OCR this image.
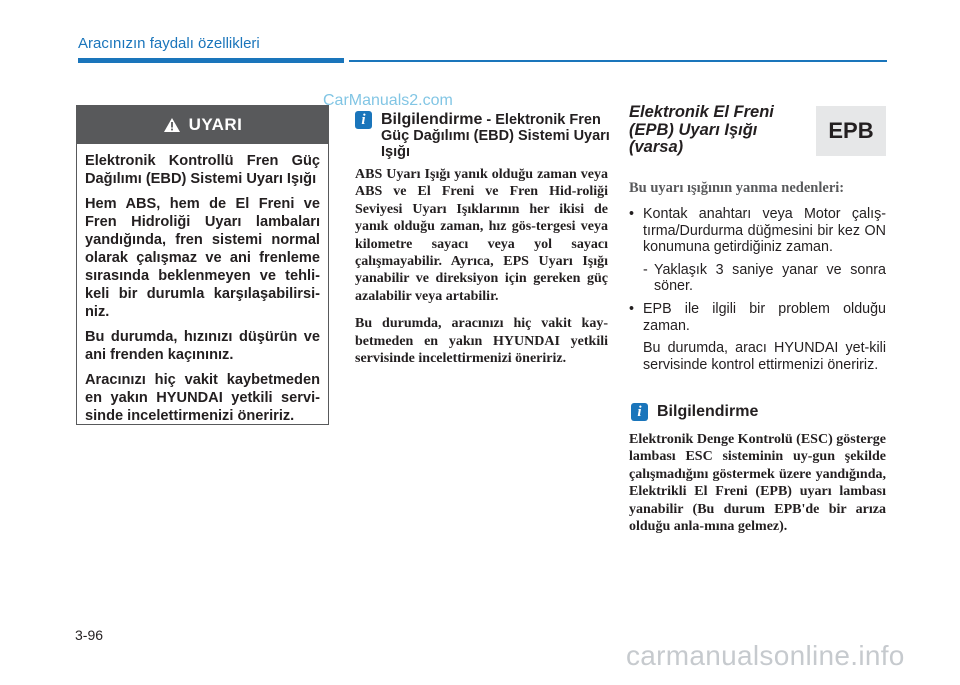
Aracınızın faydalı özellikleri
UYARI

Elektronik Kontrollü Fren Güç Dağılımı (EBD) Sistemi Uyarı Işığı

Hem ABS, hem de El Freni ve Fren Hidroliği Uyarı lambaları yandığında, fren sistemi normal olarak çalışmaz ve ani frenleme sırasında beklenmeyen ve tehli-keli bir durumla karşılaşabilirsi-niz.

Bu durumda, hızınızı düşürün ve ani frenden kaçınınız.

Aracınızı hiç vakit kaybetmeden en yakın HYUNDAI yetkili servi-sinde incelettirmenizi öneririz.

CarManuals2.com
i Bilgilendirme - Elektronik Fren Güç Dağılımı (EBD) Sistemi Uyarı Işığı

ABS Uyarı Işığı yanık olduğu zaman veya ABS ve El Freni ve Fren Hid-roliği Seviyesi Uyarı Işıklarının her ikisi de yanık olduğu zaman, hız gös-tergesi veya kilometre sayacı veya yol sayacı çalışmayabilir. Ayrıca, EPS Uyarı Işığı yanabilir ve direksiyon için gereken güç azalabilir veya artabilir.

Bu durumda, aracınızı hiç vakit kay-betmeden en yakın HYUNDAI yetkili servisinde incelettirmenizi öneririz.

Elektronik El Freni (EPB) Uyarı Işığı (varsa)
EPB
Bu uyarı ışığının yanma nedenleri:
• Kontak anahtarı veya Motor çalış-tırma/Durdurma düğmesini bir kez ON konumuna getirdiğiniz zaman.
- Yaklaşık 3 saniye yanar ve sonra söner.
• EPB ile ilgili bir problem olduğu zaman.
Bu durumda, aracı HYUNDAI yet-kili servisinde kontrol ettirmenizi öneririz.
i Bilgilendirme
Elektronik Denge Kontrolü (ESC) gösterge lambası ESC sisteminin uy-gun şekilde çalışmadığını göstermek üzere yandığında, Elektrikli El Freni (EPB) uyarı lambası yanabilir (Bu durum EPB'de bir arıza olduğu anla-mına gelmez).
3-96
carmanualsonline.info
